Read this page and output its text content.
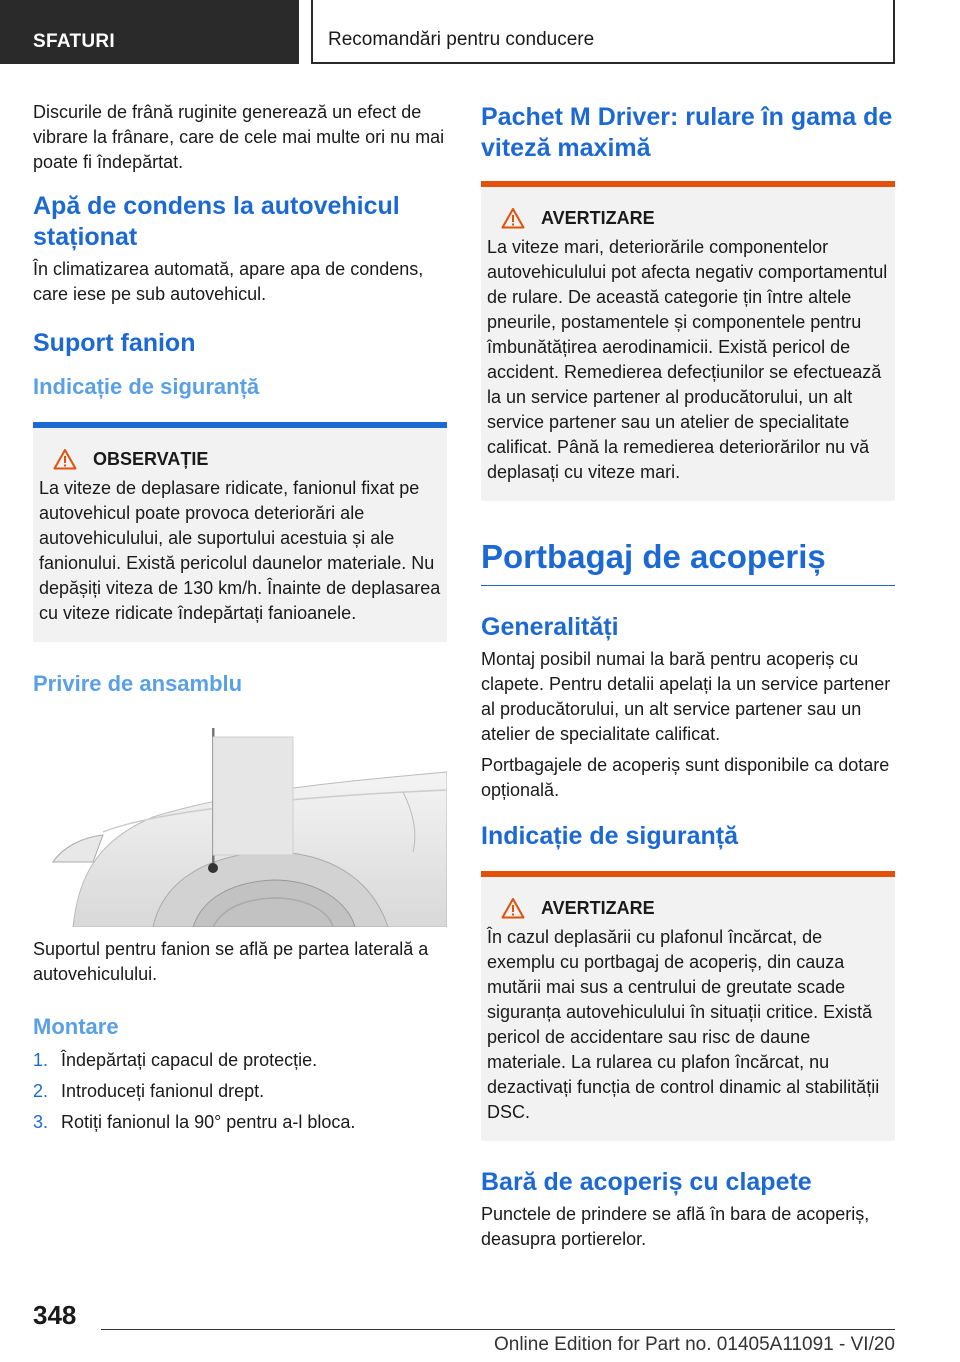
SFATURI	Recomandări pentru conducere

Discurile de frână ruginite generează un efect de vibrare la frânare, care de cele mai multe ori nu mai poate fi îndepărtat.

Apă de condens la autovehicul staționat

În climatizarea automată, apare apa de condens, care iese pe sub autovehicul.

Suport fanion
Indicație de siguranță
OBSERVAȚIE

La viteze de deplasare ridicate, fanionul fixat pe autovehicul poate provoca deteriorări ale autovehiculului, ale suportului acestuia și ale fanionului. Există pericolul daunelor materiale. Nu depășiți viteza de 130 km/h. Înainte de deplasarea cu viteze ridicate îndepărtați fanioanele.

Privire de ansamblu

Suportul pentru fanion se află pe partea laterală a autovehiculului.

Montare
1. Îndepărtați capacul de protecție.
2. Introduceți fanionul drept.
3. Rotiți fanionul la 90° pentru a-l bloca.
Pachet M Driver: rulare în gama de viteză maximă
AVERTIZARE

La viteze mari, deteriorările componentelor autovehiculului pot afecta negativ comportamentul de rulare. De această categorie țin între altele pneurile, postamentele și componentele pentru îmbunătățirea aerodinamicii. Există pericol de accident. Remedierea defecțiunilor se efectuează la un service partener al producătorului, un alt service partener sau un atelier de specialitate calificat. Până la remedierea deteriorărilor nu vă deplasați cu viteze mari.

Portbagaj de acoperiș
Generalități

Montaj posibil numai la bară pentru acoperiș cu clapete. Pentru detalii apelați la un service partener al producătorului, un alt service partener sau un atelier de specialitate calificat.

Portbagajele de acoperiș sunt disponibile ca dotare opțională.

Indicație de siguranță
AVERTIZARE

În cazul deplasării cu plafonul încărcat, de exemplu cu portbagaj de acoperiș, din cauza mutării mai sus a centrului de greutate scade siguranța autovehiculului în situații critice. Există pericol de accidentare sau risc de daune materiale. La rularea cu plafon încărcat, nu dezactivați funcția de control dinamic al stabilității DSC.

Bară de acoperiș cu clapete

Punctele de prindere se află în bara de acoperiș, deasupra portierelor.

348
Online Edition for Part no. 01405A11091 - VI/20
